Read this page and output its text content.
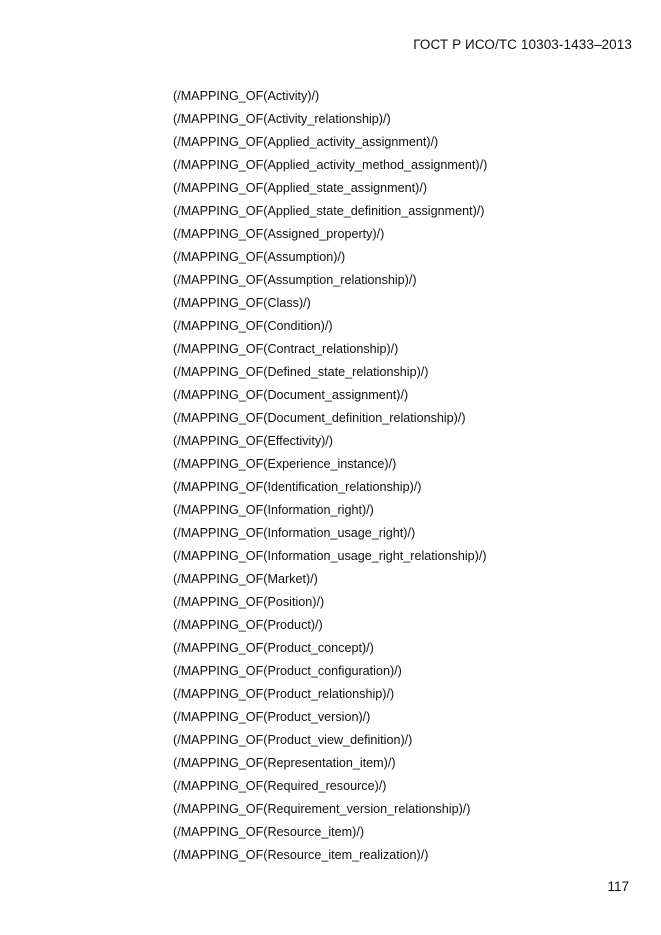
ГОСТ Р ИСО/ТС 10303-1433–2013
(/MAPPING_OF(Activity)/)
(/MAPPING_OF(Activity_relationship)/)
(/MAPPING_OF(Applied_activity_assignment)/)
(/MAPPING_OF(Applied_activity_method_assignment)/)
(/MAPPING_OF(Applied_state_assignment)/)
(/MAPPING_OF(Applied_state_definition_assignment)/)
(/MAPPING_OF(Assigned_property)/)
(/MAPPING_OF(Assumption)/)
(/MAPPING_OF(Assumption_relationship)/)
(/MAPPING_OF(Class)/)
(/MAPPING_OF(Condition)/)
(/MAPPING_OF(Contract_relationship)/)
(/MAPPING_OF(Defined_state_relationship)/)
(/MAPPING_OF(Document_assignment)/)
(/MAPPING_OF(Document_definition_relationship)/)
(/MAPPING_OF(Effectivity)/)
(/MAPPING_OF(Experience_instance)/)
(/MAPPING_OF(Identification_relationship)/)
(/MAPPING_OF(Information_right)/)
(/MAPPING_OF(Information_usage_right)/)
(/MAPPING_OF(Information_usage_right_relationship)/)
(/MAPPING_OF(Market)/)
(/MAPPING_OF(Position)/)
(/MAPPING_OF(Product)/)
(/MAPPING_OF(Product_concept)/)
(/MAPPING_OF(Product_configuration)/)
(/MAPPING_OF(Product_relationship)/)
(/MAPPING_OF(Product_version)/)
(/MAPPING_OF(Product_view_definition)/)
(/MAPPING_OF(Representation_item)/)
(/MAPPING_OF(Required_resource)/)
(/MAPPING_OF(Requirement_version_relationship)/)
(/MAPPING_OF(Resource_item)/)
(/MAPPING_OF(Resource_item_realization)/)
117
